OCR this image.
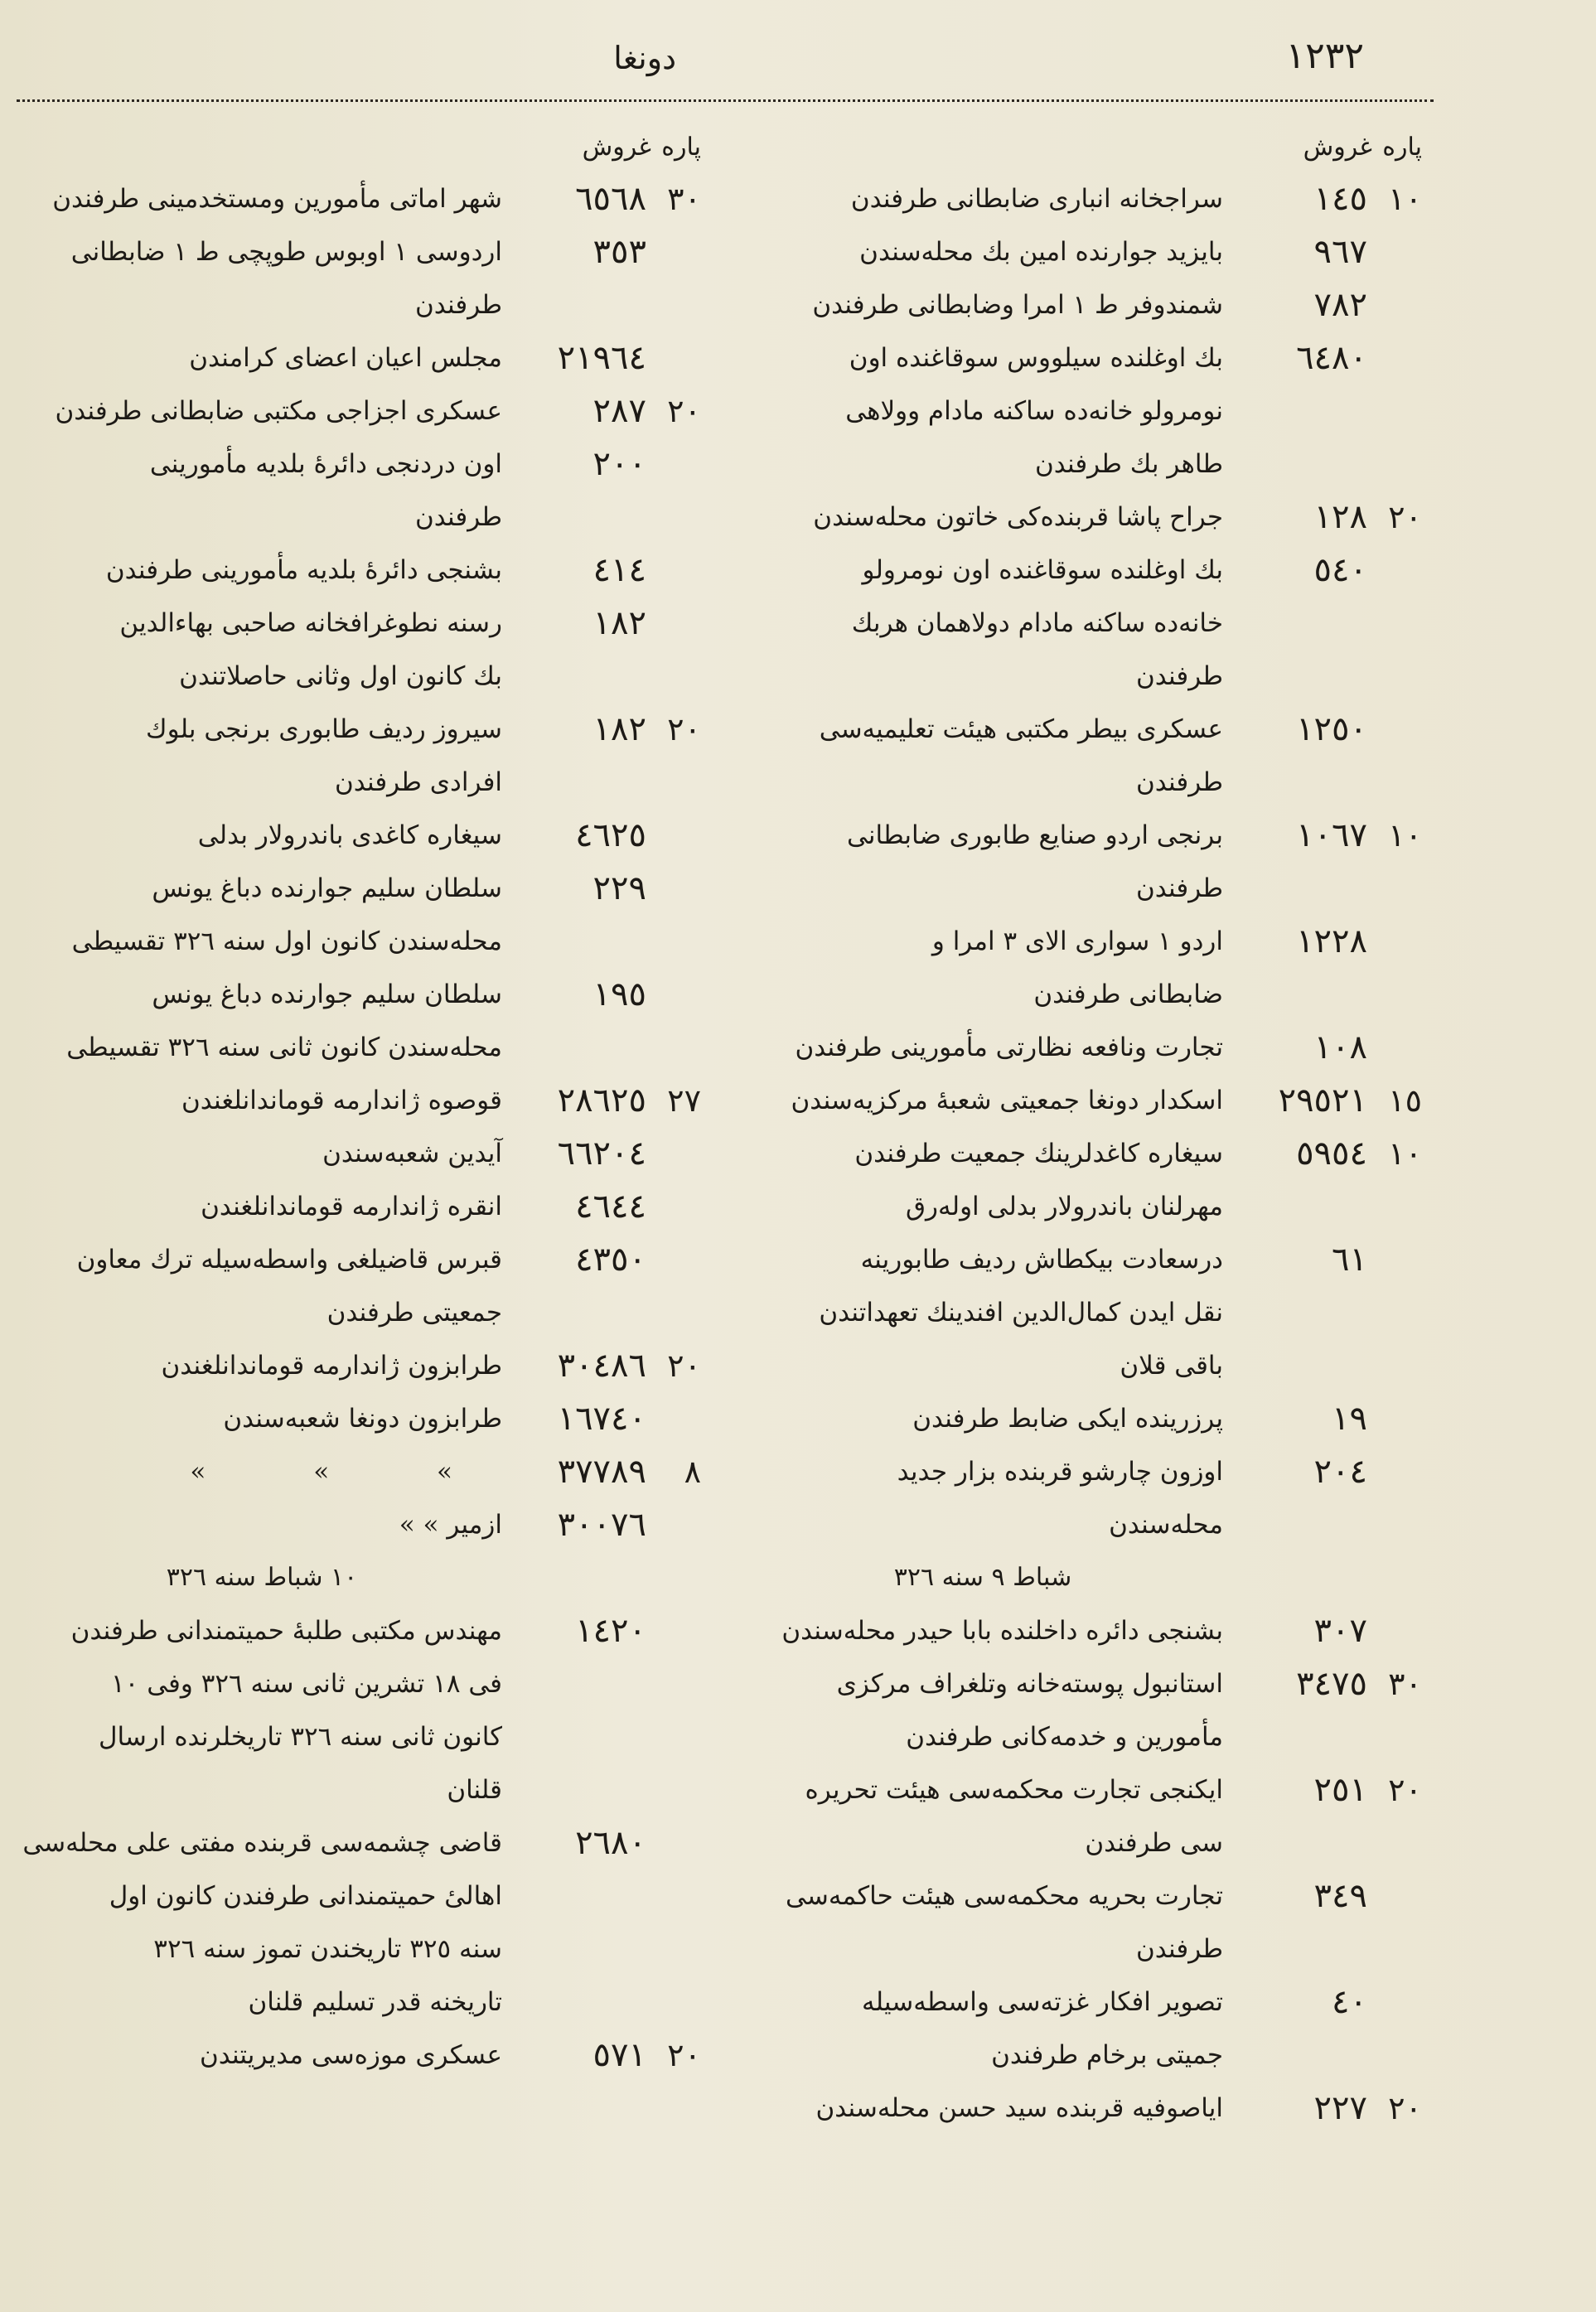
١٢٣٢
دونغا
پاره
غروش
١٠
١٤٥
سراجخانه انباری ضابطانی طرفندن
٩٦٧
بایزید جوارنده امین بك محله‌سندن
٧٨٢
شمندوفر ط ١ امرا وضابطانی طرفندن
٦٤٨٠
بك اوغلنده سیلووس سوقاغنده اون
نومرولو خانه‌ده ساکنه مادام وولاهی
طاهر بك طرفندن
٢٠
١٢٨
جراح پاشا قربنده‌کی خاتون محله‌سندن
٥٤٠
بك اوغلنده سوقاغنده اون نومرولو
خانه‌ده ساکنه مادام دولاهمان هربك
طرفندن
١٢٥٠
عسکری بیطر مکتبی هیئت تعلیمیه‌سی
طرفندن
١٠
١٠٦٧
برنجی اردو صنایع طابوری ضابطانی
طرفندن
١٢٢٨
اردو ١ سواری الای ٣ امرا و
ضابطانی طرفندن
١٠٨
تجارت ونافعه نظارتی مأمورینی طرفندن
١٥
٢٩٥٢١
اسکدار دونغا جمعیتی شعبهٔ مرکزیه‌سندن
١٠
٥٩٥٤
سیغاره کاغدلرینك جمعیت طرفندن
مهرلنان باندرولار بدلی اوله‌رق
٦١
درسعادت بیکطاش ردیف طابورینه
نقل ایدن کمال‌الدین افندینك تعهداتندن
باقی قلان
١٩
پرزرینده ایکی ضابط طرفندن
٢٠٤
اوزون چارشو قربنده بزار جدید
محله‌سندن
شباط ٩ سنه ٣٢٦
٣٠٧
بشنجی دائره داخلنده بابا حیدر محله‌سندن
٣٠
٣٤٧٥
استانبول پوسته‌خانه وتلغراف مرکزی
مأمورین و خدمه‌کانی طرفندن
٢٠
٢٥١
ایکنجی تجارت محکمه‌سی هیئت تحریره‌
سی طرفندن
٣٤٩
تجارت بحریه محکمه‌سی هیئت حاکمه‌سی
طرفندن
٤٠
تصویر افکار غزته‌سی واسطه‌سیله
جمیتی برخام طرفندن
٢٠
٢٢٧
ایاصوفیه قربنده سید حسن محله‌سندن
پاره
غروش
٣٠
٦٥٦٨
شهر اماتی مأمورین ومستخدمینی طرفندن
٣٥٣
اردوسی ١ اوبوس طوپچی ط ١ ضابطانی
طرفندن
٢١٩٦٤
مجلس اعیان اعضای کرامندن
٢٠
٢٨٧
عسکری اجزاجی مکتبی ضابطانی طرفندن
٢٠٠
اون دردنجی دائرهٔ بلدیه مأمورینی
طرفندن
٤١٤
بشنجی دائرهٔ بلدیه مأمورینی طرفندن
١٨٢
رسنه نطوغرافخانه صاحبی بهاءالدین
بك کانون اول وثانی حاصلاتندن
٢٠
١٨٢
سیروز ردیف طابوری برنجی بلوك
افرادی طرفندن
٤٦٢٥
سیغاره کاغدی باندرولار بدلی
٢٢٩
سلطان سلیم جوارنده دباغ یونس
محله‌سندن کانون اول سنه ٣٢٦ تقسیطی
١٩٥
سلطان سلیم جوارنده دباغ یونس
محله‌سندن کانون ثانی سنه ٣٢٦ تقسیطی
٢٧
٢٨٦٢٥
قوصوه ژاندارمه قوماندانلغندن
٦٦٢٠٤
آیدین شعبه‌سندن
٤٦٤٤
انقره ژاندارمه قوماندانلغندن
٤٣٥٠
قبرس قاضیلغی واسطه‌سیله ترك معاون
جمعیتی طرفندن
٢٠
٣٠٤٨٦
طرابزون ژاندارمه قوماندانلغندن
١٦٧٤٠
طرابزون دونغا شعبه‌سندن
٨
٣٧٧٨٩
» » »
٣٠٠٧٦
ازمیر » »
١٠ شباط سنه ٣٢٦
١٤٢٠
مهندس مکتبی طلبهٔ حمیتمندانی طرفندن
فی ١٨ تشرین ثانی سنه ٣٢٦ وفی ١٠
کانون ثانی سنه ٣٢٦ تاریخلرنده ارسال
قلنان
٢٦٨٠
قاضی چشمه‌سی قربنده مفتی علی محله‌سی
اهالیٔ حمیتمندانی طرفندن کانون اول
سنه ٣٢٥ تاریخندن تموز سنه ٣٢٦
تاریخنه قدر تسلیم قلنان
٢٠
٥٧١
عسکری موزه‌سی مدیریتندن
